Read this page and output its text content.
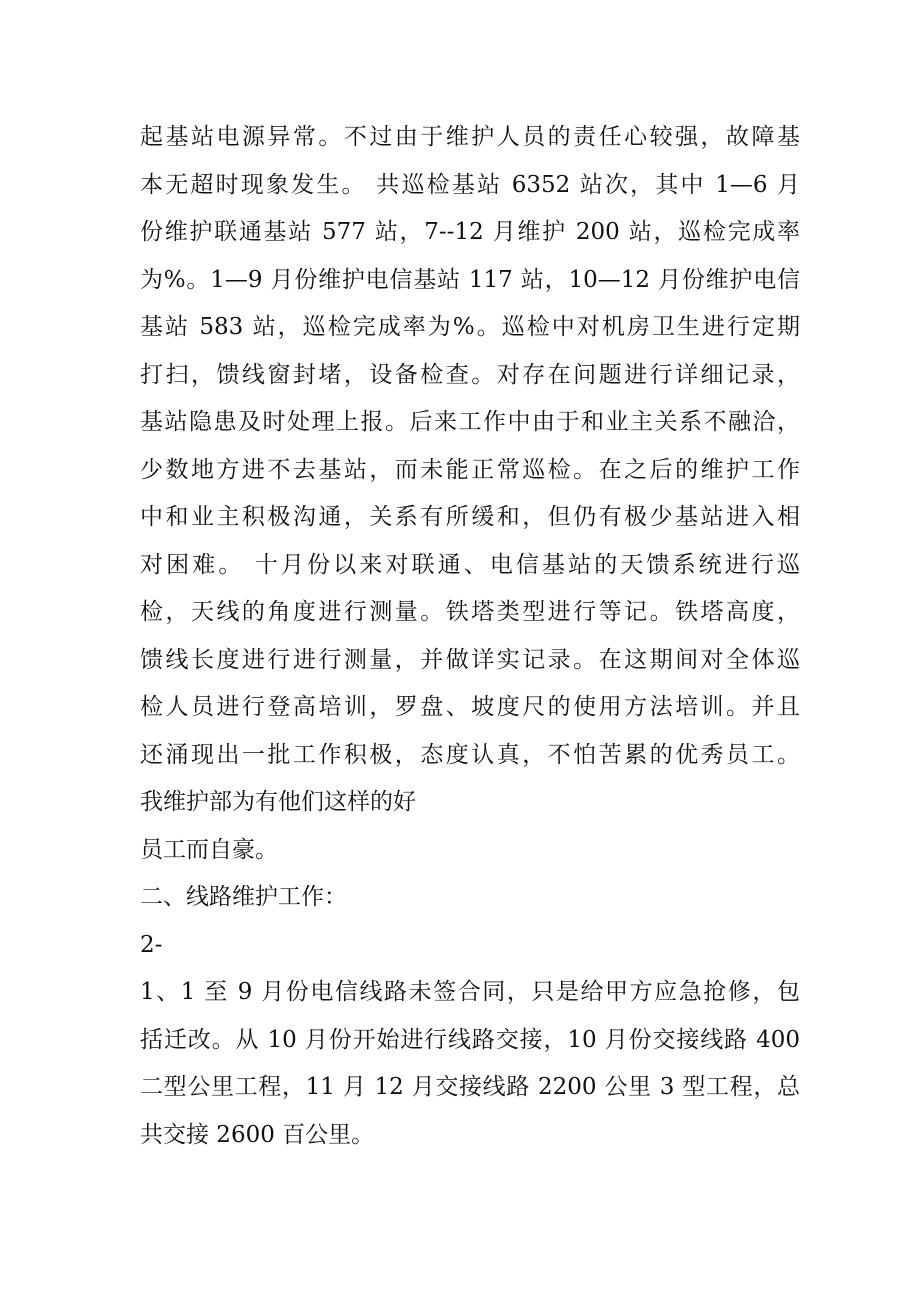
起基站电源异常。不过由于维护人员的责任心较强，故障基
本无超时现象发生。 共巡检基站 6352 站次，其中 1—6 月
份维护联通基站 577 站，7--12 月维护 200 站，巡检完成率
为%。1—9 月份维护电信基站 117 站，10—12 月份维护电信
基站 583 站，巡检完成率为%。巡检中对机房卫生进行定期
打扫，馈线窗封堵，设备检查。对存在问题进行详细记录，
基站隐患及时处理上报。后来工作中由于和业主关系不融洽，
少数地方进不去基站，而未能正常巡检。在之后的维护工作
中和业主积极沟通，关系有所缓和，但仍有极少基站进入相
对困难。 十月份以来对联通、电信基站的天馈系统进行巡
检，天线的角度进行测量。铁塔类型进行等记。铁塔高度，
馈线长度进行进行测量，并做详实记录。在这期间对全体巡
检人员进行登高培训，罗盘、坡度尺的使用方法培训。并且
还涌现出一批工作积极，态度认真，不怕苦累的优秀员工。
我维护部为有他们这样的好
员工而自豪。
二、线路维护工作：
2-
1、1 至 9 月份电信线路未签合同，只是给甲方应急抢修，包
括迁改。从 10 月份开始进行线路交接，10 月份交接线路 400
二型公里工程，11 月 12 月交接线路 2200 公里 3 型工程，总
共交接 2600 百公里。
